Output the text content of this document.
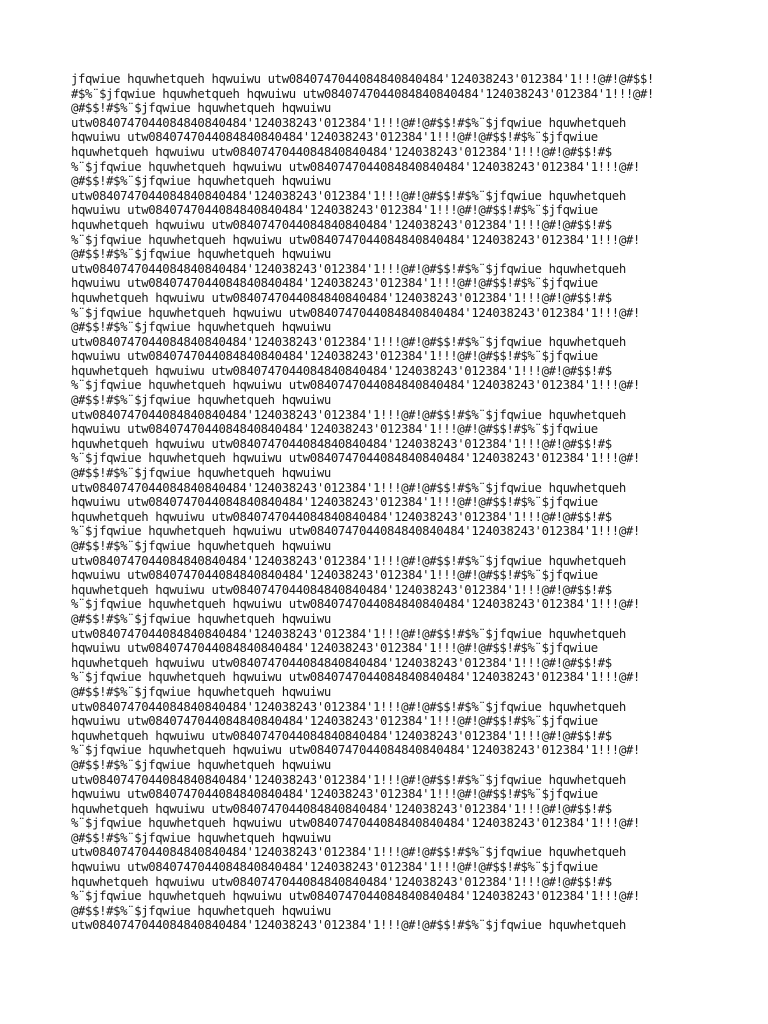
jfqwiue hquwhetqueh hqwuiwu utw0840747044084840840484'124038243'012384'1!!!@#!@#$$!
#$%¨$jfqwiue hquwhetqueh hqwuiwu utw0840747044084840840484'124038243'012384'1!!!@#!
@#$$!#$%¨$jfqwiue hquwhetqueh hqwuiwu
utw0840747044084840840484'124038243'012384'1!!!@#!@#$$!#$%¨$jfqwiue hquwhetqueh
hqwuiwu utw0840747044084840840484'124038243'012384'1!!!@#!@#$$!#$%¨$jfqwiue
hquwhetqueh hqwuiwu utw0840747044084840840484'124038243'012384'1!!!@#!@#$$!#$
%¨$jfqwiue hquwhetqueh hqwuiwu utw0840747044084840840484'124038243'012384'1!!!@#!
@#$$!#$%¨$jfqwiue hquwhetqueh hqwuiwu
utw0840747044084840840484'124038243'012384'1!!!@#!@#$$!#$%¨$jfqwiue hquwhetqueh
hqwuiwu utw0840747044084840840484'124038243'012384'1!!!@#!@#$$!#$%¨$jfqwiue
hquwhetqueh hqwuiwu utw0840747044084840840484'124038243'012384'1!!!@#!@#$$!#$
%¨$jfqwiue hquwhetqueh hqwuiwu utw0840747044084840840484'124038243'012384'1!!!@#!
@#$$!#$%¨$jfqwiue hquwhetqueh hqwuiwu
utw0840747044084840840484'124038243'012384'1!!!@#!@#$$!#$%¨$jfqwiue hquwhetqueh
hqwuiwu utw0840747044084840840484'124038243'012384'1!!!@#!@#$$!#$%¨$jfqwiue
hquwhetqueh hqwuiwu utw0840747044084840840484'124038243'012384'1!!!@#!@#$$!#$
%¨$jfqwiue hquwhetqueh hqwuiwu utw0840747044084840840484'124038243'012384'1!!!@#!
@#$$!#$%¨$jfqwiue hquwhetqueh hqwuiwu
utw0840747044084840840484'124038243'012384'1!!!@#!@#$$!#$%¨$jfqwiue hquwhetqueh
hqwuiwu utw0840747044084840840484'124038243'012384'1!!!@#!@#$$!#$%¨$jfqwiue
hquwhetqueh hqwuiwu utw0840747044084840840484'124038243'012384'1!!!@#!@#$$!#$
%¨$jfqwiue hquwhetqueh hqwuiwu utw0840747044084840840484'124038243'012384'1!!!@#!
@#$$!#$%¨$jfqwiue hquwhetqueh hqwuiwu
utw0840747044084840840484'124038243'012384'1!!!@#!@#$$!#$%¨$jfqwiue hquwhetqueh
hqwuiwu utw0840747044084840840484'124038243'012384'1!!!@#!@#$$!#$%¨$jfqwiue
hquwhetqueh hqwuiwu utw0840747044084840840484'124038243'012384'1!!!@#!@#$$!#$
%¨$jfqwiue hquwhetqueh hqwuiwu utw0840747044084840840484'124038243'012384'1!!!@#!
@#$$!#$%¨$jfqwiue hquwhetqueh hqwuiwu
utw0840747044084840840484'124038243'012384'1!!!@#!@#$$!#$%¨$jfqwiue hquwhetqueh
hqwuiwu utw0840747044084840840484'124038243'012384'1!!!@#!@#$$!#$%¨$jfqwiue
hquwhetqueh hqwuiwu utw0840747044084840840484'124038243'012384'1!!!@#!@#$$!#$
%¨$jfqwiue hquwhetqueh hqwuiwu utw0840747044084840840484'124038243'012384'1!!!@#!
@#$$!#$%¨$jfqwiue hquwhetqueh hqwuiwu
utw0840747044084840840484'124038243'012384'1!!!@#!@#$$!#$%¨$jfqwiue hquwhetqueh
hqwuiwu utw0840747044084840840484'124038243'012384'1!!!@#!@#$$!#$%¨$jfqwiue
hquwhetqueh hqwuiwu utw0840747044084840840484'124038243'012384'1!!!@#!@#$$!#$
%¨$jfqwiue hquwhetqueh hqwuiwu utw0840747044084840840484'124038243'012384'1!!!@#!
@#$$!#$%¨$jfqwiue hquwhetqueh hqwuiwu
utw0840747044084840840484'124038243'012384'1!!!@#!@#$$!#$%¨$jfqwiue hquwhetqueh
hqwuiwu utw0840747044084840840484'124038243'012384'1!!!@#!@#$$!#$%¨$jfqwiue
hquwhetqueh hqwuiwu utw0840747044084840840484'124038243'012384'1!!!@#!@#$$!#$
%¨$jfqwiue hquwhetqueh hqwuiwu utw0840747044084840840484'124038243'012384'1!!!@#!
@#$$!#$%¨$jfqwiue hquwhetqueh hqwuiwu
utw0840747044084840840484'124038243'012384'1!!!@#!@#$$!#$%¨$jfqwiue hquwhetqueh
hqwuiwu utw0840747044084840840484'124038243'012384'1!!!@#!@#$$!#$%¨$jfqwiue
hquwhetqueh hqwuiwu utw0840747044084840840484'124038243'012384'1!!!@#!@#$$!#$
%¨$jfqwiue hquwhetqueh hqwuiwu utw0840747044084840840484'124038243'012384'1!!!@#!
@#$$!#$%¨$jfqwiue hquwhetqueh hqwuiwu
utw0840747044084840840484'124038243'012384'1!!!@#!@#$$!#$%¨$jfqwiue hquwhetqueh
hqwuiwu utw0840747044084840840484'124038243'012384'1!!!@#!@#$$!#$%¨$jfqwiue
hquwhetqueh hqwuiwu utw0840747044084840840484'124038243'012384'1!!!@#!@#$$!#$
%¨$jfqwiue hquwhetqueh hqwuiwu utw0840747044084840840484'124038243'012384'1!!!@#!
@#$$!#$%¨$jfqwiue hquwhetqueh hqwuiwu
utw0840747044084840840484'124038243'012384'1!!!@#!@#$$!#$%¨$jfqwiue hquwhetqueh
hqwuiwu utw0840747044084840840484'124038243'012384'1!!!@#!@#$$!#$%¨$jfqwiue
hquwhetqueh hqwuiwu utw0840747044084840840484'124038243'012384'1!!!@#!@#$$!#$
%¨$jfqwiue hquwhetqueh hqwuiwu utw0840747044084840840484'124038243'012384'1!!!@#!
@#$$!#$%¨$jfqwiue hquwhetqueh hqwuiwu
utw0840747044084840840484'124038243'012384'1!!!@#!@#$$!#$%¨$jfqwiue hquwhetqueh
